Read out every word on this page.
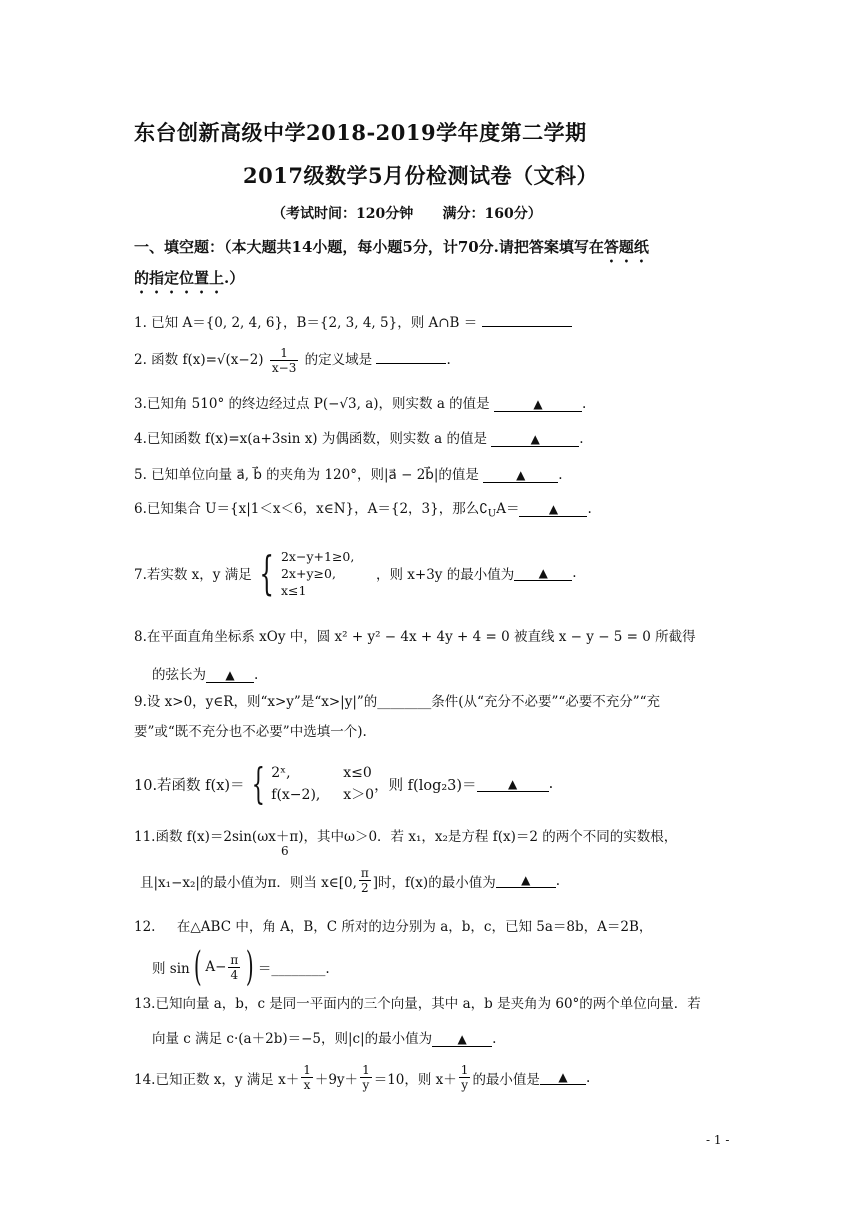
东台创新高级中学2018-2019学年度第二学期
2017级数学5月份检测试卷（文科）
（考试时间：120分钟      满分：160分）
一、填空题：（本大题共14小题，每小题5分，计70分.请把答案填写在答题纸
的指定位置上.）
1. 已知 A＝{0, 2, 4, 6}，B＝{2, 3, 4, 5}，则 A∩B ＝
2. 函数 $f(x)=√(x-2) \frac{1}{x-3}$ 的定义域是	.
3.已知角 510° 的终边经过点 P(−√3, a)，则实数 a 的值是	▲	.
4.已知函数 f(x)=x(a+3sin x) 为偶函数，则实数 a 的值是	▲	.
5. 已知单位向量 a⃗, b⃗ 的夹角为 120°，则|a⃗ − 2b⃗|的值是	▲ .
6.已知集合 U＝{x|1＜x＜6，x∈N}，A＝{2，3}，那么$∁_UA=$ ▲ .
7.若实数 x，y 满足 { 2x−y+1≥0,
2x+y≥0,
x≤1
，则 x+3y 的最小值为	▲	.
8.在平面直角坐标系 xOy 中，圆 x² + y² − 4x + 4y + 4 = 0 被直线 x − y − 5 = 0 所截得
的弦长为 ▲ .
9.设 x>0，y∈R，则“x>y”是“x>|y|”的________条件(从“充分不必要”“必要不充分”“充
要”或“既不充分也不必要”中选填一个).
10.若函数 f(x)＝ { 2ˣ,	x≤0
f(x−2), x＞0
，则 f(log₂3)＝	▲	.
11.函数 f(x)＝2sin(ωx＋π)，其中ω＞0．若 x₁，x₂是方程 f(x)＝2 的两个不同的实数根，
6
且|x₁−x₂|的最小值为π．则当 x∈[0, $\frac{\pi}{2}$ ]时，f(x)的最小值为	▲	.
12.     在△ABC 中，角 A，B，C 所对的边分别为 a，b，c，已知 5a＝8b，A＝2B，
则 sin ( $A- \frac{\pi}{4}$ ) ＝________.
13.已知向量 a，b，c 是同一平面内的三个向量，其中 a，b 是夹角为 60°的两个单位向量．若
向量 c 满足 c·(a＋2b)＝−5，则|c|的最小值为 ▲ .
14.已知正数 x，y 满足 $x+ \frac{1}{x} +9y+ \frac{1}{y} =10$，则 $x+ \frac{1}{y}$ 的最小值是	▲	.
- 1 -
